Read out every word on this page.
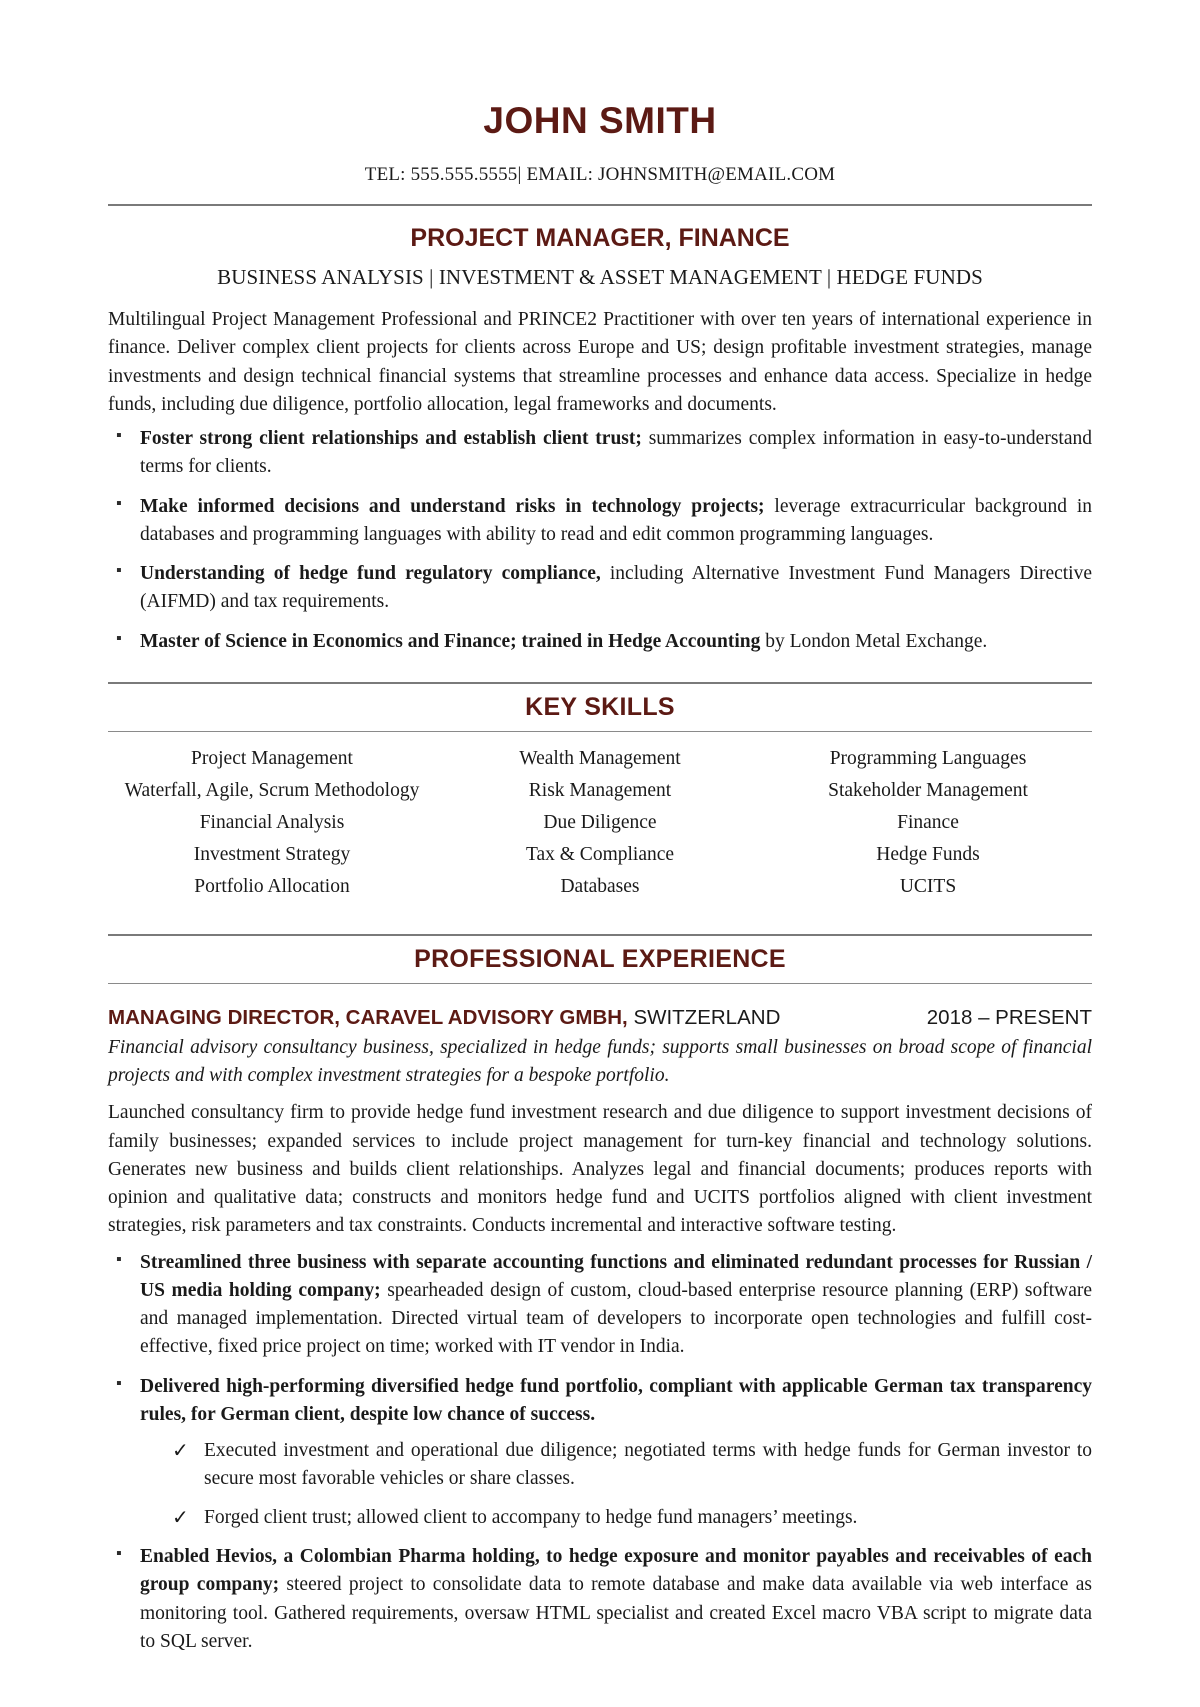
JOHN SMITH
TEL: 555.555.5555| EMAIL: JOHNSMITH@EMAIL.COM
PROJECT MANAGER, FINANCE
BUSINESS ANALYSIS | INVESTMENT & ASSET MANAGEMENT | HEDGE FUNDS

Multilingual Project Management Professional and PRINCE2 Practitioner with over ten years of international experience in finance. Deliver complex client projects for clients across Europe and US; design profitable investment strategies, manage investments and design technical financial systems that streamline processes and enhance data access. Specialize in hedge funds, including due diligence, portfolio allocation, legal frameworks and documents.

▪ Foster strong client relationships and establish client trust; summarizes complex information in easy-to-understand terms for clients.
▪ Make informed decisions and understand risks in technology projects; leverage extracurricular background in databases and programming languages with ability to read and edit common programming languages.
▪ Understanding of hedge fund regulatory compliance, including Alternative Investment Fund Managers Directive (AIFMD) and tax requirements.
▪ Master of Science in Economics and Finance; trained in Hedge Accounting by London Metal Exchange.
KEY SKILLS
Project Management	Wealth Management	Programming Languages
Waterfall, Agile, Scrum Methodology	Risk Management	Stakeholder Management
Financial Analysis	Due Diligence	Finance
Investment Strategy	Tax & Compliance	Hedge Funds
Portfolio Allocation	Databases	UCITS
PROFESSIONAL EXPERIENCE
MANAGING DIRECTOR, CARAVEL ADVISORY GMBH, SWITZERLAND	2018 – PRESENT
Financial advisory consultancy business, specialized in hedge funds; supports small businesses on broad scope of financial projects and with complex investment strategies for a bespoke portfolio.

Launched consultancy firm to provide hedge fund investment research and due diligence to support investment decisions of family businesses; expanded services to include project management for turn-key financial and technology solutions. Generates new business and builds client relationships. Analyzes legal and financial documents; produces reports with opinion and qualitative data; constructs and monitors hedge fund and UCITS portfolios aligned with client investment strategies, risk parameters and tax constraints. Conducts incremental and interactive software testing.

▪ Streamlined three business with separate accounting functions and eliminated redundant processes for Russian / US media holding company; spearheaded design of custom, cloud-based enterprise resource planning (ERP) software and managed implementation. Directed virtual team of developers to incorporate open technologies and fulfill cost-effective, fixed price project on time; worked with IT vendor in India.
▪ Delivered high-performing diversified hedge fund portfolio, compliant with applicable German tax transparency rules, for German client, despite low chance of success.
✓ Executed investment and operational due diligence; negotiated terms with hedge funds for German investor to secure most favorable vehicles or share classes.
✓ Forged client trust; allowed client to accompany to hedge fund managers’ meetings.
▪ Enabled Hevios, a Colombian Pharma holding, to hedge exposure and monitor payables and receivables of each group company; steered project to consolidate data to remote database and make data available via web interface as monitoring tool. Gathered requirements, oversaw HTML specialist and created Excel macro VBA script to migrate data to SQL server.
